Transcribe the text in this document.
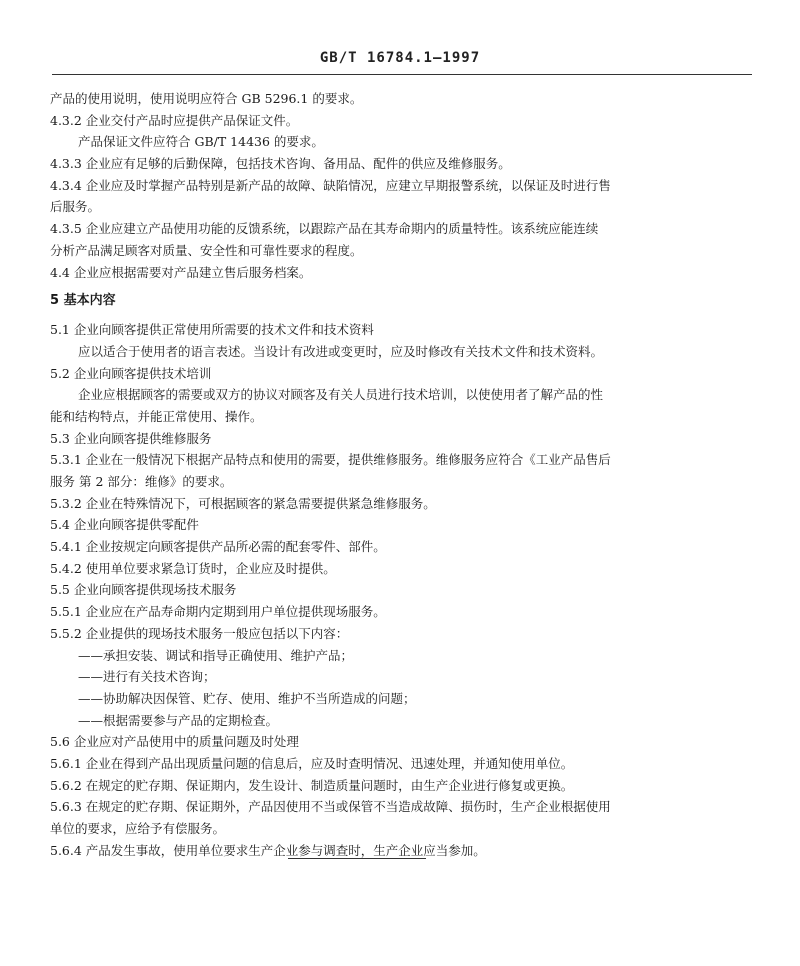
GB/T 16784.1—1997
产品的使用说明，使用说明应符合 GB 5296.1 的要求。
4.3.2 企业交付产品时应提供产品保证文件。
产品保证文件应符合 GB/T 14436 的要求。
4.3.3 企业应有足够的后勤保障，包括技术咨询、备用品、配件的供应及维修服务。
4.3.4 企业应及时掌握产品特别是新产品的故障、缺陷情况，应建立早期报警系统，以保证及时进行售
后服务。
4.3.5 企业应建立产品使用功能的反馈系统，以跟踪产品在其寿命期内的质量特性。该系统应能连续
分析产品满足顾客对质量、安全性和可靠性要求的程度。
4.4 企业应根据需要对产品建立售后服务档案。
5 基本内容
5.1 企业向顾客提供正常使用所需要的技术文件和技术资料
应以适合于使用者的语言表述。当设计有改进或变更时，应及时修改有关技术文件和技术资料。
5.2 企业向顾客提供技术培训
企业应根据顾客的需要或双方的协议对顾客及有关人员进行技术培训，以使使用者了解产品的性
能和结构特点，并能正常使用、操作。
5.3 企业向顾客提供维修服务
5.3.1 企业在一般情况下根据产品特点和使用的需要，提供维修服务。维修服务应符合《工业产品售后
服务 第 2 部分：维修》的要求。
5.3.2 企业在特殊情况下，可根据顾客的紧急需要提供紧急维修服务。
5.4 企业向顾客提供零配件
5.4.1 企业按规定向顾客提供产品所必需的配套零件、部件。
5.4.2 使用单位要求紧急订货时，企业应及时提供。
5.5 企业向顾客提供现场技术服务
5.5.1 企业应在产品寿命期内定期到用户单位提供现场服务。
5.5.2 企业提供的现场技术服务一般应包括以下内容：
——承担安装、调试和指导正确使用、维护产品；
——进行有关技术咨询；
——协助解决因保管、贮存、使用、维护不当所造成的问题；
——根据需要参与产品的定期检查。
5.6 企业应对产品使用中的质量问题及时处理
5.6.1 企业在得到产品出现质量问题的信息后，应及时查明情况、迅速处理，并通知使用单位。
5.6.2 在规定的贮存期、保证期内，发生设计、制造质量问题时，由生产企业进行修复或更换。
5.6.3 在规定的贮存期、保证期外，产品因使用不当或保管不当造成故障、损伤时，生产企业根据使用
单位的要求，应给予有偿服务。
5.6.4 产品发生事故，使用单位要求生产企业参与调查时，生产企业应当参加。
